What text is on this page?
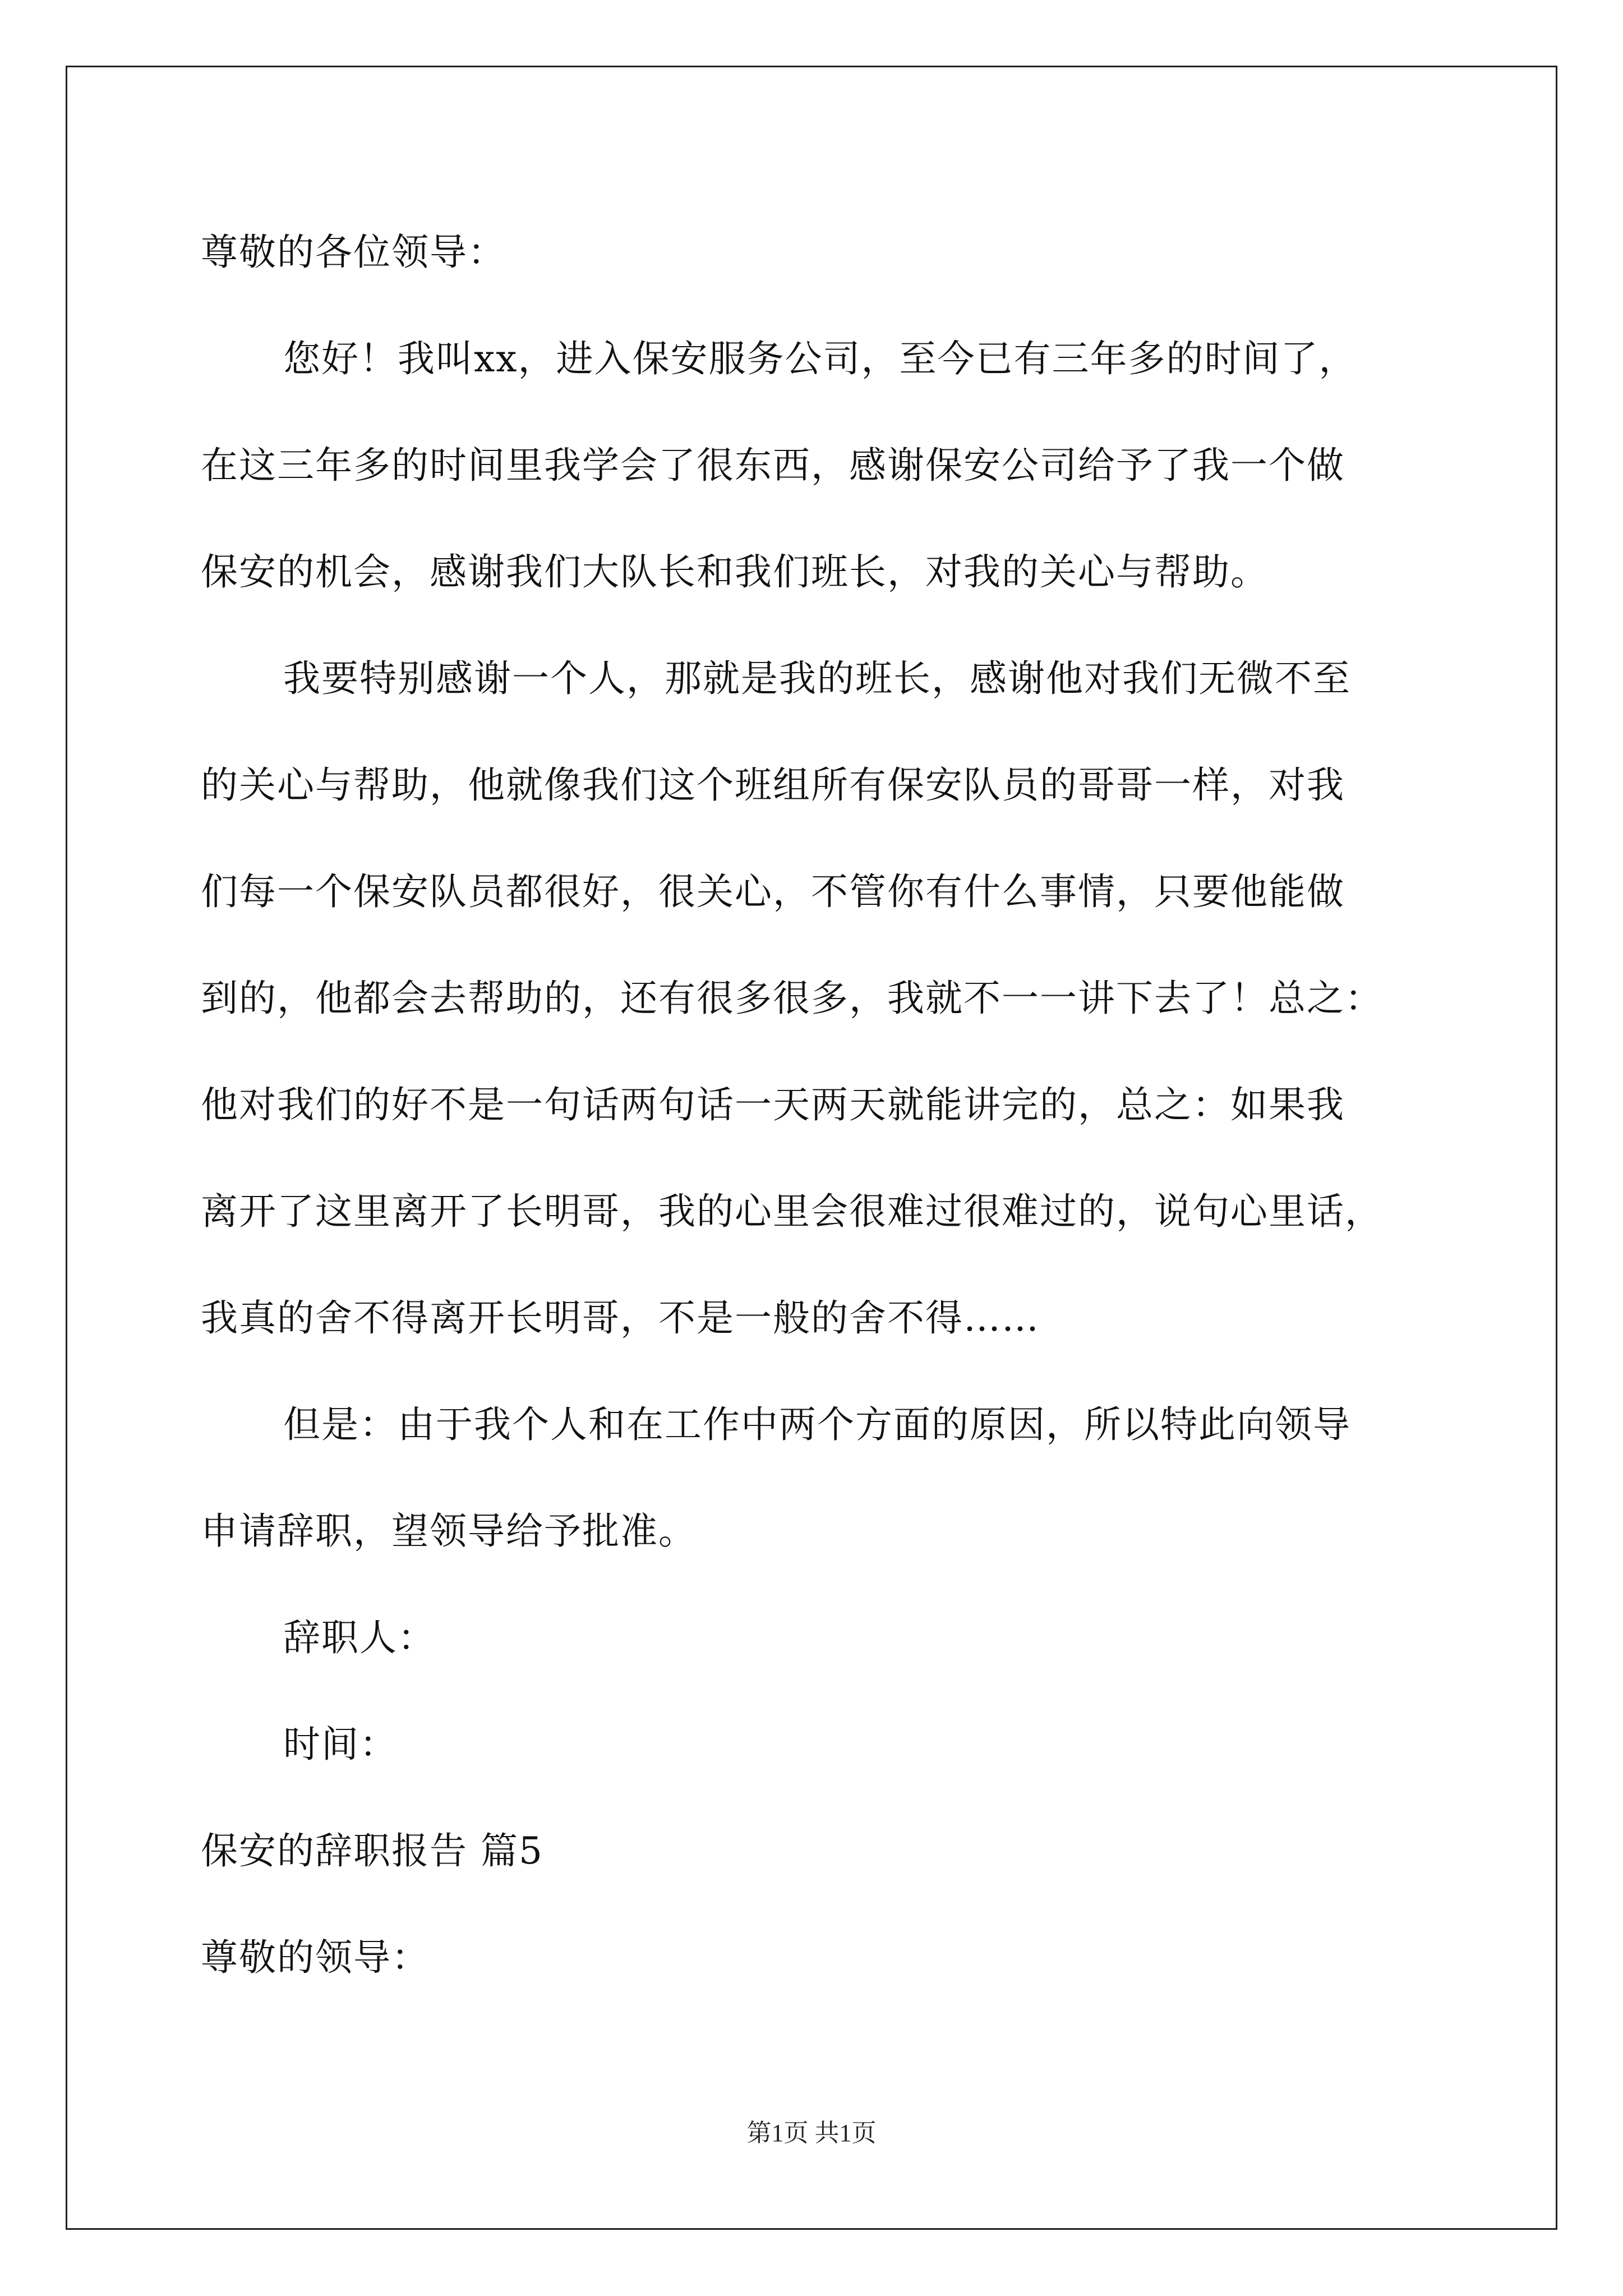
尊敬的各位领导：
您好！我叫xx，进入保安服务公司，至今已有三年多的时间了，
在这三年多的时间里我学会了很东西，感谢保安公司给予了我一个做
保安的机会，感谢我们大队长和我们班长，对我的关心与帮助。
我要特别感谢一个人，那就是我的班长，感谢他对我们无微不至
的关心与帮助，他就像我们这个班组所有保安队员的哥哥一样，对我
们每一个保安队员都很好，很关心，不管你有什么事情，只要他能做
到的，他都会去帮助的，还有很多很多，我就不一一讲下去了！总之：
他对我们的好不是一句话两句话一天两天就能讲完的，总之：如果我
离开了这里离开了长明哥，我的心里会很难过很难过的，说句心里话，
我真的舍不得离开长明哥，不是一般的舍不得……
但是：由于我个人和在工作中两个方面的原因，所以特此向领导
申请辞职，望领导给予批准。
辞职人：
时间：
保安的辞职报告 篇5
尊敬的领导：
第1页 共1页
